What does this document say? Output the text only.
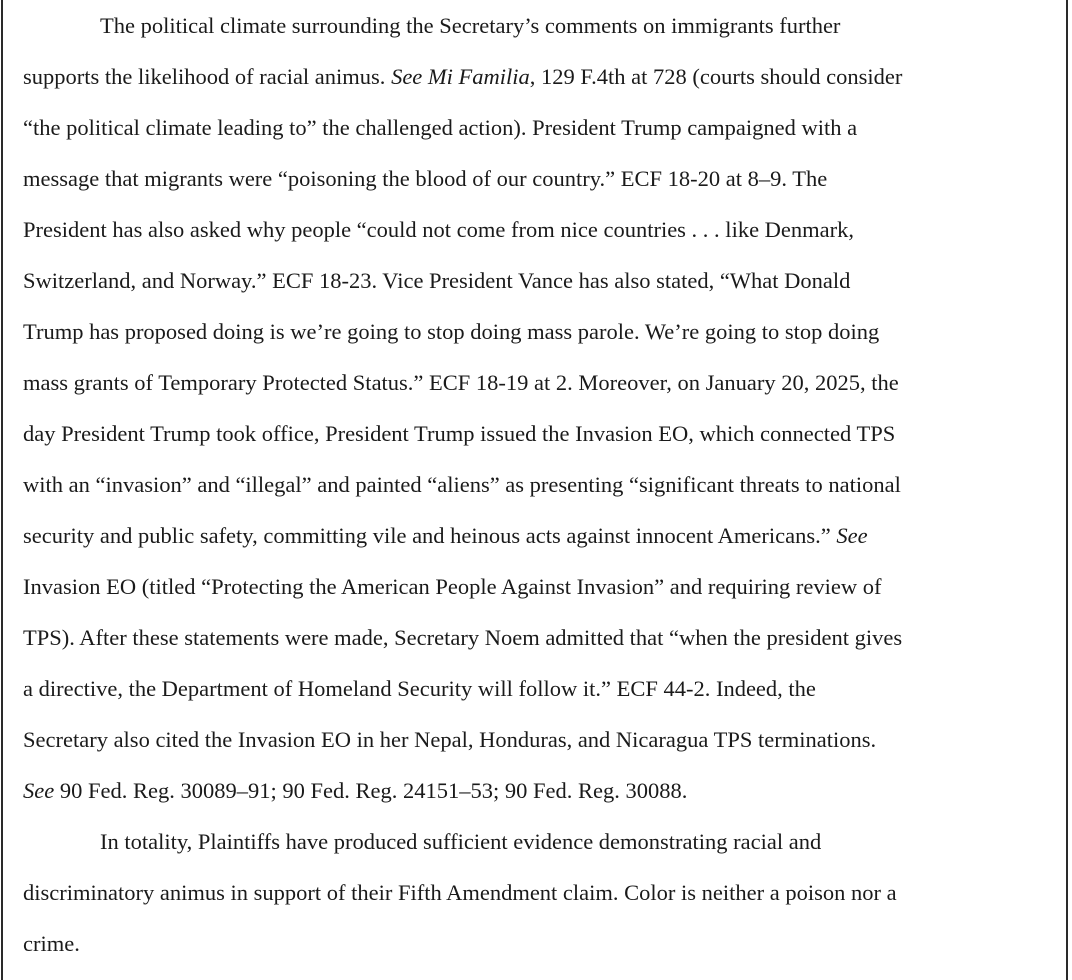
The political climate surrounding the Secretary’s comments on immigrants further
supports the likelihood of racial animus. See Mi Familia, 129 F.4th at 728 (courts should consider
“the political climate leading to” the challenged action). President Trump campaigned with a
message that migrants were “poisoning the blood of our country.” ECF 18-20 at 8–9. The
President has also asked why people “could not come from nice countries . . . like Denmark,
Switzerland, and Norway.” ECF 18-23. Vice President Vance has also stated, “What Donald
Trump has proposed doing is we’re going to stop doing mass parole. We’re going to stop doing
mass grants of Temporary Protected Status.” ECF 18-19 at 2. Moreover, on January 20, 2025, the
day President Trump took office, President Trump issued the Invasion EO, which connected TPS
with an “invasion” and “illegal” and painted “aliens” as presenting “significant threats to national
security and public safety, committing vile and heinous acts against innocent Americans.” See
Invasion EO (titled “Protecting the American People Against Invasion” and requiring review of
TPS). After these statements were made, Secretary Noem admitted that “when the president gives
a directive, the Department of Homeland Security will follow it.” ECF 44-2. Indeed, the
Secretary also cited the Invasion EO in her Nepal, Honduras, and Nicaragua TPS terminations.
See 90 Fed. Reg. 30089–91; 90 Fed. Reg. 24151–53; 90 Fed. Reg. 30088.
In totality, Plaintiffs have produced sufficient evidence demonstrating racial and
discriminatory animus in support of their Fifth Amendment claim. Color is neither a poison nor a
crime.
